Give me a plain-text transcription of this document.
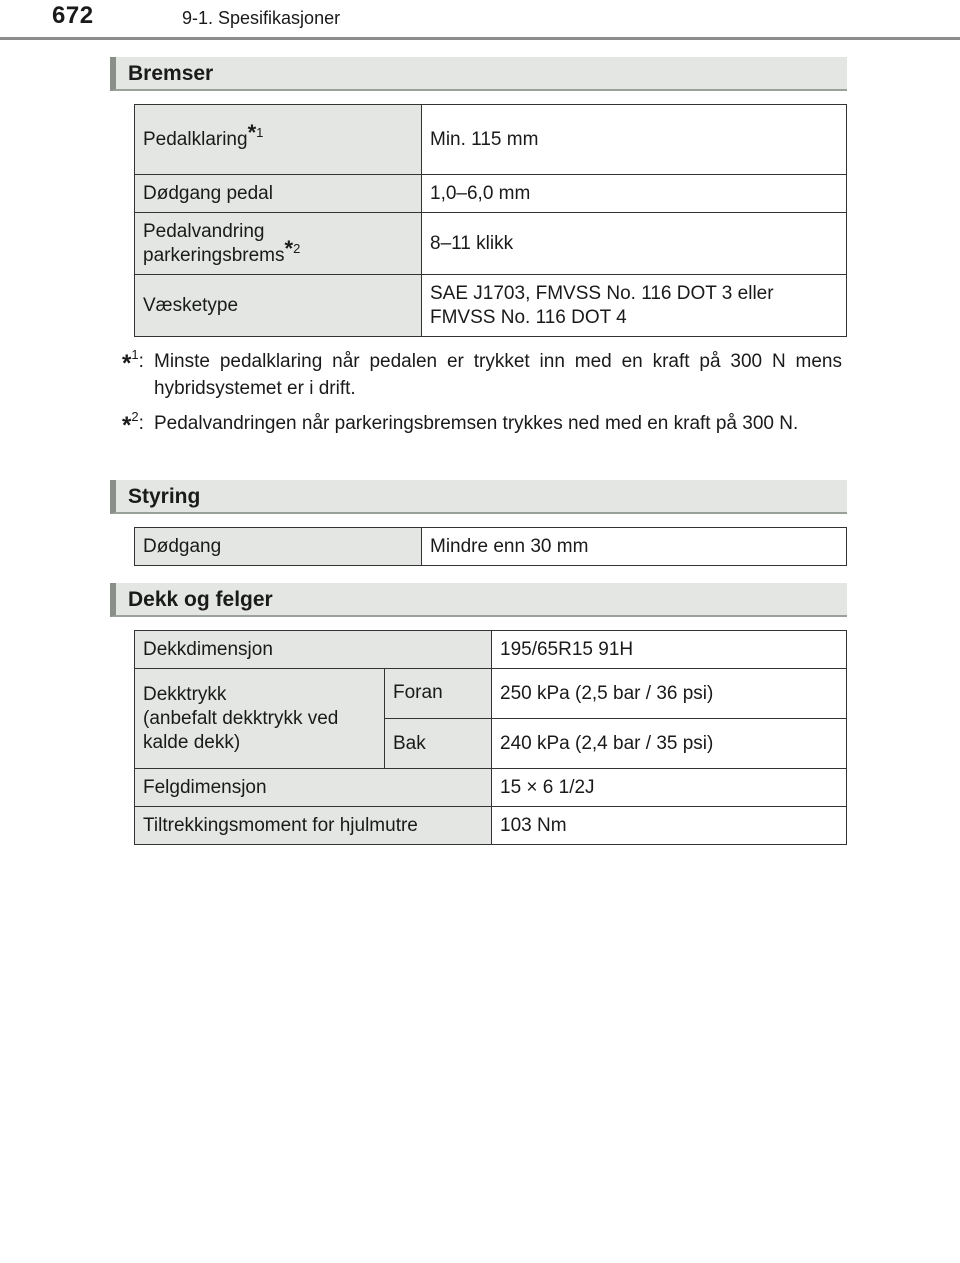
672	9-1. Spesifikasjoner
Bremser
Pedalklaring$^{*1}$	Min. 115 mm
Dødgang pedal	1,0–6,0 mm
Pedalvandring
parkeringsbrems$^{*2}$	8–11 klikk
Væsketype	SAE J1703, FMVSS No. 116 DOT 3 eller
FMVSS No. 116 DOT 4
*$^1$: Minste pedalklaring når pedalen er trykket inn med en kraft på 300 N mens hybridsystemet er i drift.
*$^2$: Pedalvandringen når parkeringsbremsen trykkes ned med en kraft på 300 N.
Styring
Dødgang	Mindre enn 30 mm
Dekk og felger
Dekkdimensjon		195/65R15 91H
Dekktrykk
(anbefalt dekktrykk ved
kalde dekk)	Foran	250 kPa (2,5 bar / 36 psi)
	Bak	240 kPa (2,4 bar / 35 psi)
Felgdimensjon		15 × 6 1/2J
Tiltrekkingsmoment for hjulmutre		103 Nm
